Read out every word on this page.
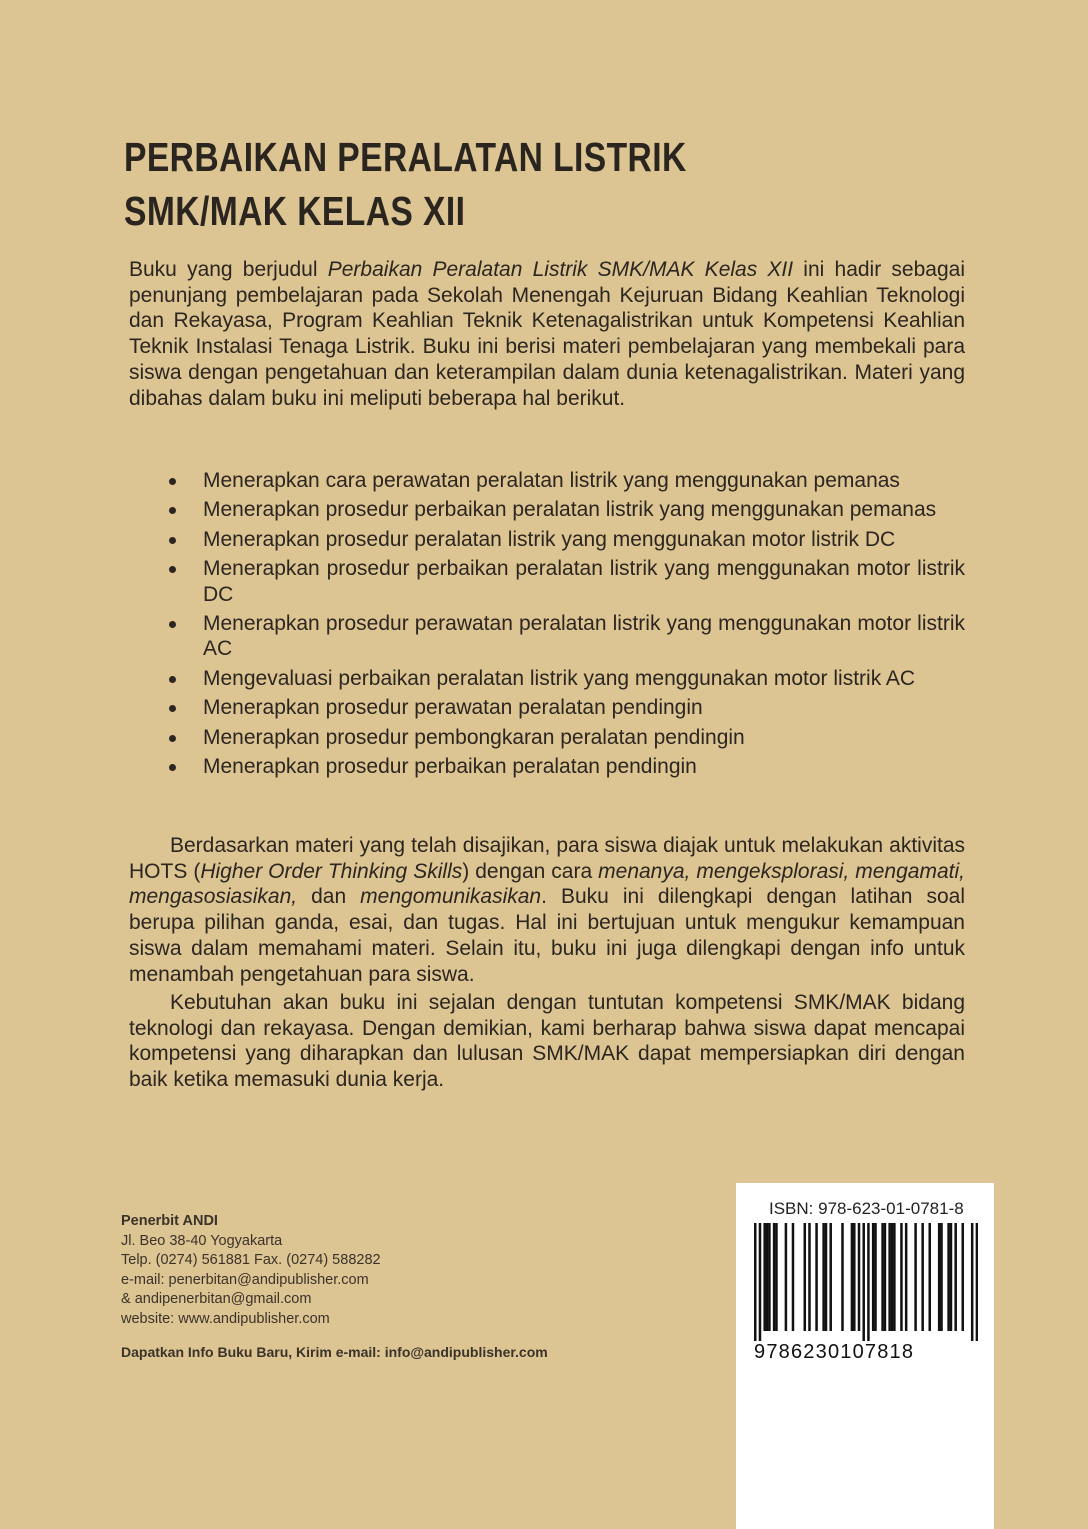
PERBAIKAN PERALATAN LISTRIK
SMK/MAK KELAS XII

Buku yang berjudul Perbaikan Peralatan Listrik SMK/MAK Kelas XII ini hadir sebagai penunjang pembelajaran pada Sekolah Menengah Kejuruan Bidang Keahlian Teknologi dan Rekayasa, Program Keahlian Teknik Ketenagalistrikan untuk Kompetensi Keahlian Teknik Instalasi Tenaga Listrik. Buku ini berisi materi pembelajaran yang membekali para siswa dengan pengetahuan dan keterampilan dalam dunia ketenagalistrikan. Materi yang dibahas dalam buku ini meliputi beberapa hal berikut.

Menerapkan cara perawatan peralatan listrik yang menggunakan pemanas
Menerapkan prosedur perbaikan peralatan listrik yang menggunakan pemanas
Menerapkan prosedur peralatan listrik yang menggunakan motor listrik DC
Menerapkan prosedur perbaikan peralatan listrik yang menggunakan motor listrik DC
Menerapkan prosedur perawatan peralatan listrik yang menggunakan motor listrik AC
Mengevaluasi perbaikan peralatan listrik yang menggunakan motor listrik AC
Menerapkan prosedur perawatan peralatan pendingin
Menerapkan prosedur pembongkaran peralatan pendingin
Menerapkan prosedur perbaikan peralatan pendingin

Berdasarkan materi yang telah disajikan, para siswa diajak untuk melakukan aktivitas HOTS (Higher Order Thinking Skills) dengan cara menanya, mengeksplorasi, mengamati, mengasosiasikan, dan mengomunikasikan. Buku ini dilengkapi dengan latihan soal berupa pilihan ganda, esai, dan tugas. Hal ini bertujuan untuk mengukur kemampuan siswa dalam memahami materi. Selain itu, buku ini juga dilengkapi dengan info untuk menambah pengetahuan para siswa.

Kebutuhan akan buku ini sejalan dengan tuntutan kompetensi SMK/MAK bidang teknologi dan rekayasa. Dengan demikian, kami berharap bahwa siswa dapat mencapai kompetensi yang diharapkan dan lulusan SMK/MAK dapat mempersiapkan diri dengan baik ketika memasuki dunia kerja.

Penerbit ANDI
Jl. Beo 38-40 Yogyakarta
Telp. (0274) 561881 Fax. (0274) 588282
e-mail: penerbitan@andipublisher.com
& andipenerbitan@gmail.com
website: www.andipublisher.com
Dapatkan Info Buku Baru, Kirim e-mail: info@andipublisher.com
ISBN: 978-623-01-0781-8
9786230107818
